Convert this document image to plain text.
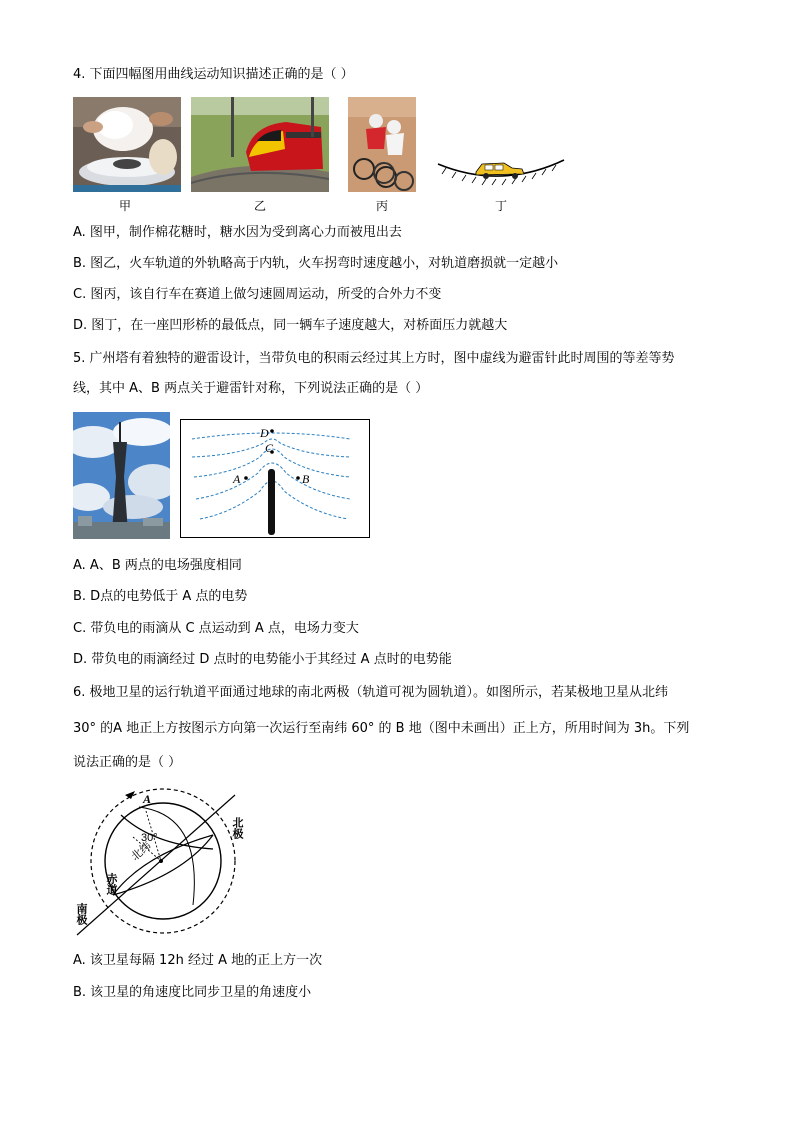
4. 下面四幅图用曲线运动知识描述正确的是（ ）
甲	乙	丙	丁
A. 图甲，制作棉花糖时，糖水因为受到离心力而被甩出去
B. 图乙，火车轨道的外轨略高于内轨，火车拐弯时速度越小，对轨道磨损就一定越小
C. 图丙，该自行车在赛道上做匀速圆周运动，所受的合外力不变
D. 图丁，在一座凹形桥的最低点，同一辆车子速度越大，对桥面压力就越大
5. 广州塔有着独特的避雷设计，当带负电的积雨云经过其上方时，图中虚线为避雷针此时周围的等差等势
线，其中 A、B 两点关于避雷针对称，下列说法正确的是（ ）
D
C
A	B
A. A、B 两点的电场强度相同
B. D点的电势低于 A 点的电势
C. 带负电的雨滴从 C 点运动到 A 点，电场力变大
D. 带负电的雨滴经过 D 点时的电势能小于其经过 A 点时的电势能
6. 极地卫星的运行轨道平面通过地球的南北两极（轨道可视为圆轨道）。如图所示，若某极地卫星从北纬
30° 的A 地正上方按图示方向第一次运行至南纬 60° 的 B 地（图中未画出）正上方，所用时间为 3h。下列
说法正确的是（ ）
A
30°
北纬
赤道
北极
南极
A. 该卫星每隔 12h 经过 A 地的正上方一次
B. 该卫星的角速度比同步卫星的角速度小
